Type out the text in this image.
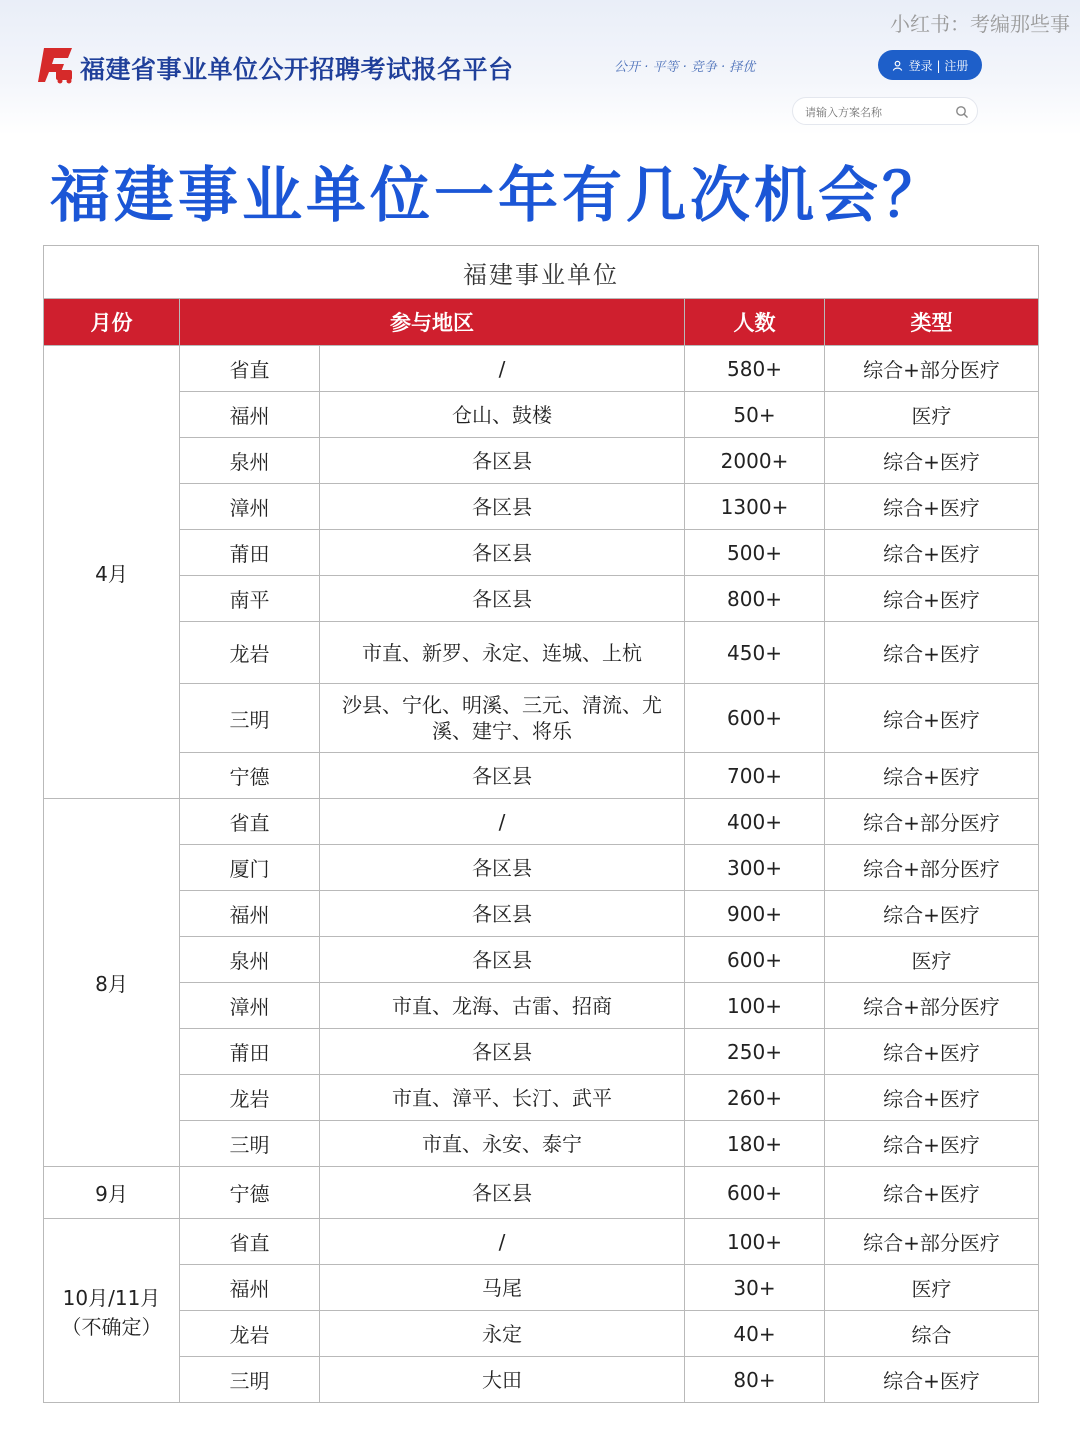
小红书：考编那些事
福建省事业单位公开招聘考试报名平台	公开 · 平等 · 竞争 · 择优	登录 | 注册
请输入方案名称
福建事业单位一年有几次机会？
福建事业单位				
月份	参与地区		人数	类型
4月	省直	/	580+	综合+部分医疗
	福州	仓山、鼓楼	50+	医疗
	泉州	各区县	2000+	综合+医疗
	漳州	各区县	1300+	综合+医疗
	莆田	各区县	500+	综合+医疗
	南平	各区县	800+	综合+医疗
	龙岩	市直、新罗、永定、连城、上杭	450+	综合+医疗
	三明	沙县、宁化、明溪、三元、清流、尤溪、建宁、将乐	600+	综合+医疗
	宁德	各区县	700+	综合+医疗
8月	省直	/	400+	综合+部分医疗
	厦门	各区县	300+	综合+部分医疗
	福州	各区县	900+	综合+医疗
	泉州	各区县	600+	医疗
	漳州	市直、龙海、古雷、招商	100+	综合+部分医疗
	莆田	各区县	250+	综合+医疗
	龙岩	市直、漳平、长汀、武平	260+	综合+医疗
	三明	市直、永安、泰宁	180+	综合+医疗
9月	宁德	各区县	600+	综合+医疗
10月/11月（不确定）	省直	/	100+	综合+部分医疗
	福州	马尾	30+	医疗
	龙岩	永定	40+	综合
	三明	大田	80+	综合+医疗
